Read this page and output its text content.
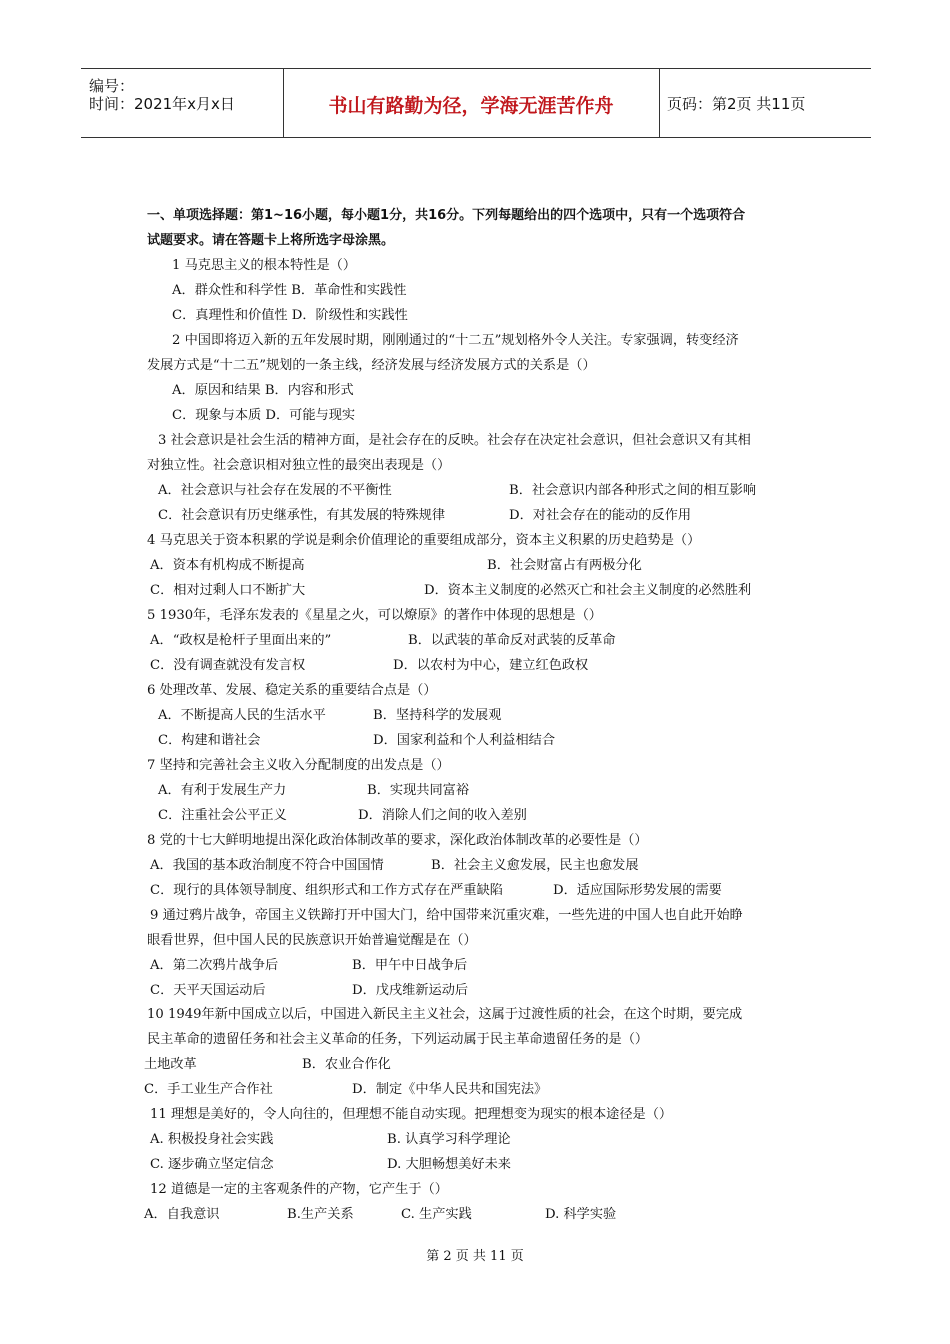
编号：
时间：2021年x月x日	书山有路勤为径，学海无涯苦作舟	页码：第2页 共11页
一、单项选择题：第1~16小题，每小题1分，共16分。下列每题给出的四个选项中，只有一个选项符合
试题要求。请在答题卡上将所选字母涂黑。
1 马克思主义的根本特性是（）
A．群众性和科学性 B．革命性和实践性
C．真理性和价值性 D．阶级性和实践性
2 中国即将迈入新的五年发展时期，刚刚通过的“十二五”规划格外令人关注。专家强调，转变经济
发展方式是“十二五”规划的一条主线，经济发展与经济发展方式的关系是（）
A．原因和结果 B．内容和形式
C．现象与本质 D．可能与现实
3 社会意识是社会生活的精神方面，是社会存在的反映。社会存在决定社会意识，但社会意识又有其相
对独立性。社会意识相对独立性的最突出表现是（）
A．社会意识与社会存在发展的不平衡性	B．社会意识内部各种形式之间的相互影响
C．社会意识有历史继承性，有其发展的特殊规律	D．对社会存在的能动的反作用
4 马克思关于资本积累的学说是剩余价值理论的重要组成部分，资本主义积累的历史趋势是（）
A．资本有机构成不断提高	B．社会财富占有两极分化
C．相对过剩人口不断扩大	D．资本主义制度的必然灭亡和社会主义制度的必然胜利
5 1930年，毛泽东发表的《星星之火，可以燎原》的著作中体现的思想是（）
A．“政权是枪杆子里面出来的”	B．以武装的革命反对武装的反革命
C．没有调查就没有发言权	D．以农村为中心，建立红色政权
6 处理改革、发展、稳定关系的重要结合点是（）
A．不断提高人民的生活水平	B．坚持科学的发展观
C．构建和谐社会	D．国家利益和个人利益相结合
7 坚持和完善社会主义收入分配制度的出发点是（）
A．有利于发展生产力	B．实现共同富裕
C．注重社会公平正义	D．消除人们之间的收入差别
8 党的十七大鲜明地提出深化政治体制改革的要求，深化政治体制改革的必要性是（）
A．我国的基本政治制度不符合中国国情	B．社会主义愈发展，民主也愈发展
C．现行的具体领导制度、组织形式和工作方式存在严重缺陷	D．适应国际形势发展的需要
9 通过鸦片战争，帝国主义铁蹄打开中国大门，给中国带来沉重灾难，一些先进的中国人也自此开始睁
眼看世界，但中国人民的民族意识开始普遍觉醒是在（）
A．第二次鸦片战争后	B．甲午中日战争后
C．天平天国运动后	D．戊戌维新运动后
10 1949年新中国成立以后，中国进入新民主主义社会，这属于过渡性质的社会，在这个时期，要完成
民主革命的遗留任务和社会主义革命的任务，下列运动属于民主革命遗留任务的是（）
土地改革	B．农业合作化
C．手工业生产合作社	D．制定《中华人民共和国宪法》
11 理想是美好的，令人向往的，但理想不能自动实现。把理想变为现实的根本途径是（）
A. 积极投身社会实践	B. 认真学习科学理论
C. 逐步确立坚定信念	D. 大胆畅想美好未来
12 道德是一定的主客观条件的产物，它产生于（）
A．自我意识	B.生产关系	C. 生产实践	D. 科学实验
第 2 页 共 11 页
